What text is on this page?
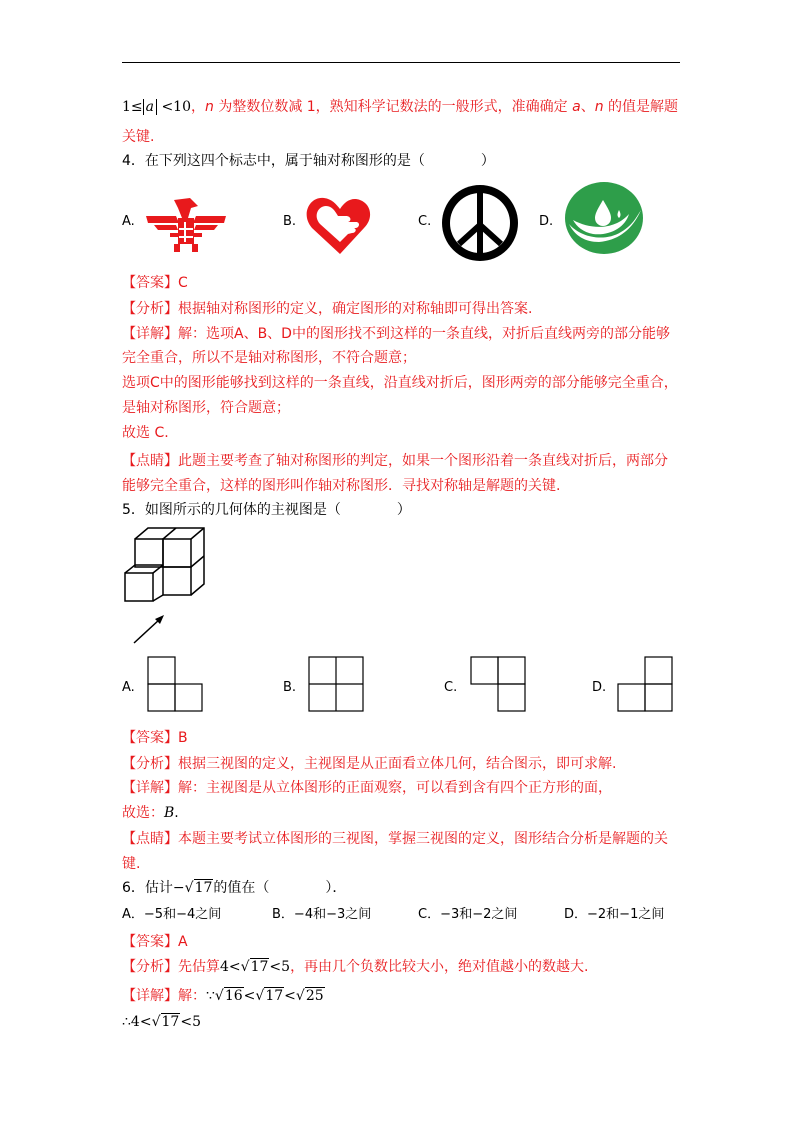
1≤ a <10，n 为整数位数减 1，熟知科学记数法的一般形式，准确确定 a、n 的值是解题
关键.
4．在下列这四个标志中，属于轴对称图形的是（　　　　）
A.	B.	C.	D.
【答案】C
【分析】根据轴对称图形的定义，确定图形的对称轴即可得出答案.
【详解】解：选项A、B、D中的图形找不到这样的一条直线，对折后直线两旁的部分能够
完全重合，所以不是轴对称图形，不符合题意；
选项C中的图形能够找到这样的一条直线，沿直线对折后，图形两旁的部分能够完全重合，
是轴对称图形，符合题意；
故选 C.
【点睛】此题主要考查了轴对称图形的判定，如果一个图形沿着一条直线对折后，两部分
能够完全重合，这样的图形叫作轴对称图形．寻找对称轴是解题的关键.
5．如图所示的几何体的主视图是（　　　　）
A.	B.	C.	D.
【答案】B
【分析】根据三视图的定义，主视图是从正面看立体几何，结合图示，即可求解.
【详解】解：主视图是从立体图形的正面观察，可以看到含有四个正方形的面，
故选：B.
【点睛】本题主要考试立体图形的三视图，掌握三视图的定义，图形结合分析是解题的关
键.
6．估计−√17的值在（　　　　）．
A．−5和−4之间	B．−4和−3之间	C．−3和−2之间	D．−2和−1之间
【答案】A
【分析】先估算4<√17<5，再由几个负数比较大小，绝对值越小的数越大.
【详解】解：∵√16<√17<√25
∴4<√17<5
